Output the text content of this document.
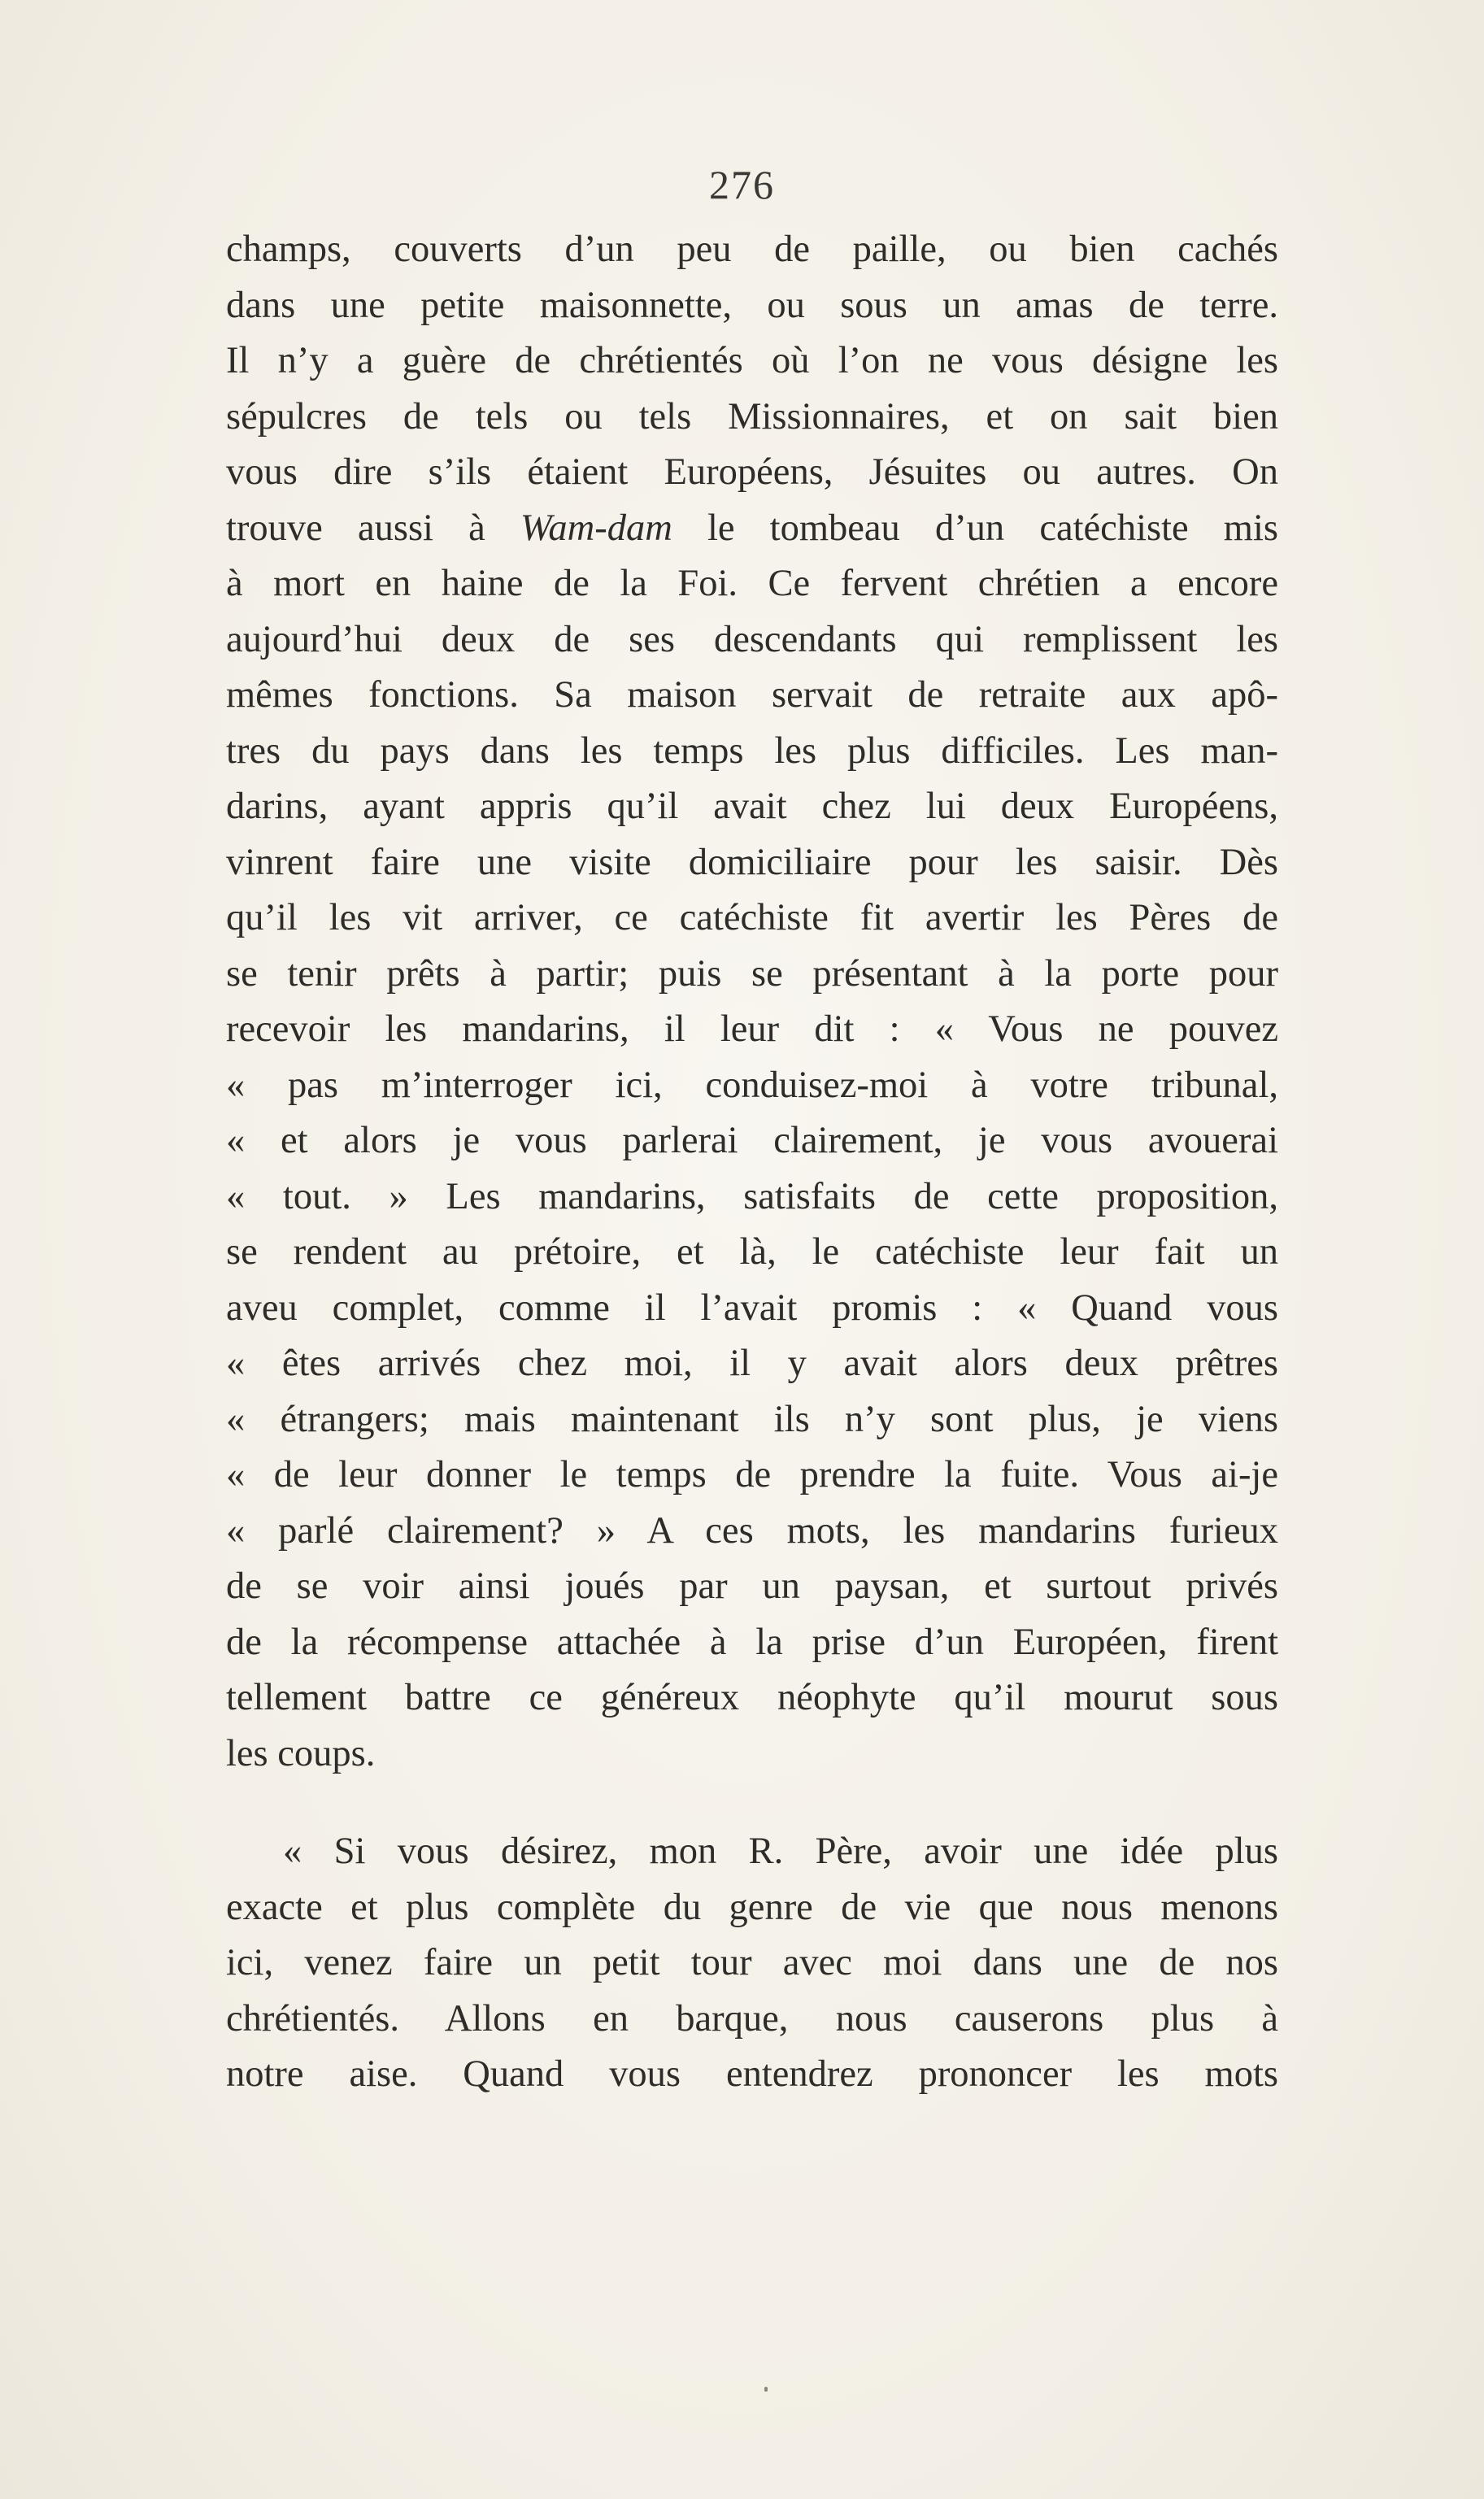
276
champs, couverts d’un peu de paille, ou bien cachés
dans une petite maisonnette, ou sous un amas de terre.
Il n’y a guère de chrétientés où l’on ne vous désigne les
sépulcres de tels ou tels Missionnaires, et on sait bien
vous dire s’ils étaient Européens, Jésuites ou autres. On
trouve aussi à Wam-dam le tombeau d’un catéchiste mis
à mort en haine de la Foi. Ce fervent chrétien a encore
aujourd’hui deux de ses descendants qui remplissent les
mêmes fonctions. Sa maison servait de retraite aux apô-
tres du pays dans les temps les plus difficiles. Les man-
darins, ayant appris qu’il avait chez lui deux Européens,
vinrent faire une visite domiciliaire pour les saisir. Dès
qu’il les vit arriver, ce catéchiste fit avertir les Pères de
se tenir prêts à partir; puis se présentant à la porte pour
recevoir les mandarins, il leur dit : « Vous ne pouvez
« pas m’interroger ici, conduisez-moi à votre tribunal,
« et alors je vous parlerai clairement, je vous avouerai
« tout. » Les mandarins, satisfaits de cette proposition,
se rendent au prétoire, et là, le catéchiste leur fait un
aveu complet, comme il l’avait promis : « Quand vous
« êtes arrivés chez moi, il y avait alors deux prêtres
« étrangers; mais maintenant ils n’y sont plus, je viens
« de leur donner le temps de prendre la fuite. Vous ai-je
« parlé clairement? » A ces mots, les mandarins furieux
de se voir ainsi joués par un paysan, et surtout privés
de la récompense attachée à la prise d’un Européen, firent
tellement battre ce généreux néophyte qu’il mourut sous
les coups.
« Si vous désirez, mon R. Père, avoir une idée plus
exacte et plus complète du genre de vie que nous menons
ici, venez faire un petit tour avec moi dans une de nos
chrétientés. Allons en barque, nous causerons plus à
notre aise. Quand vous entendrez prononcer les mots
